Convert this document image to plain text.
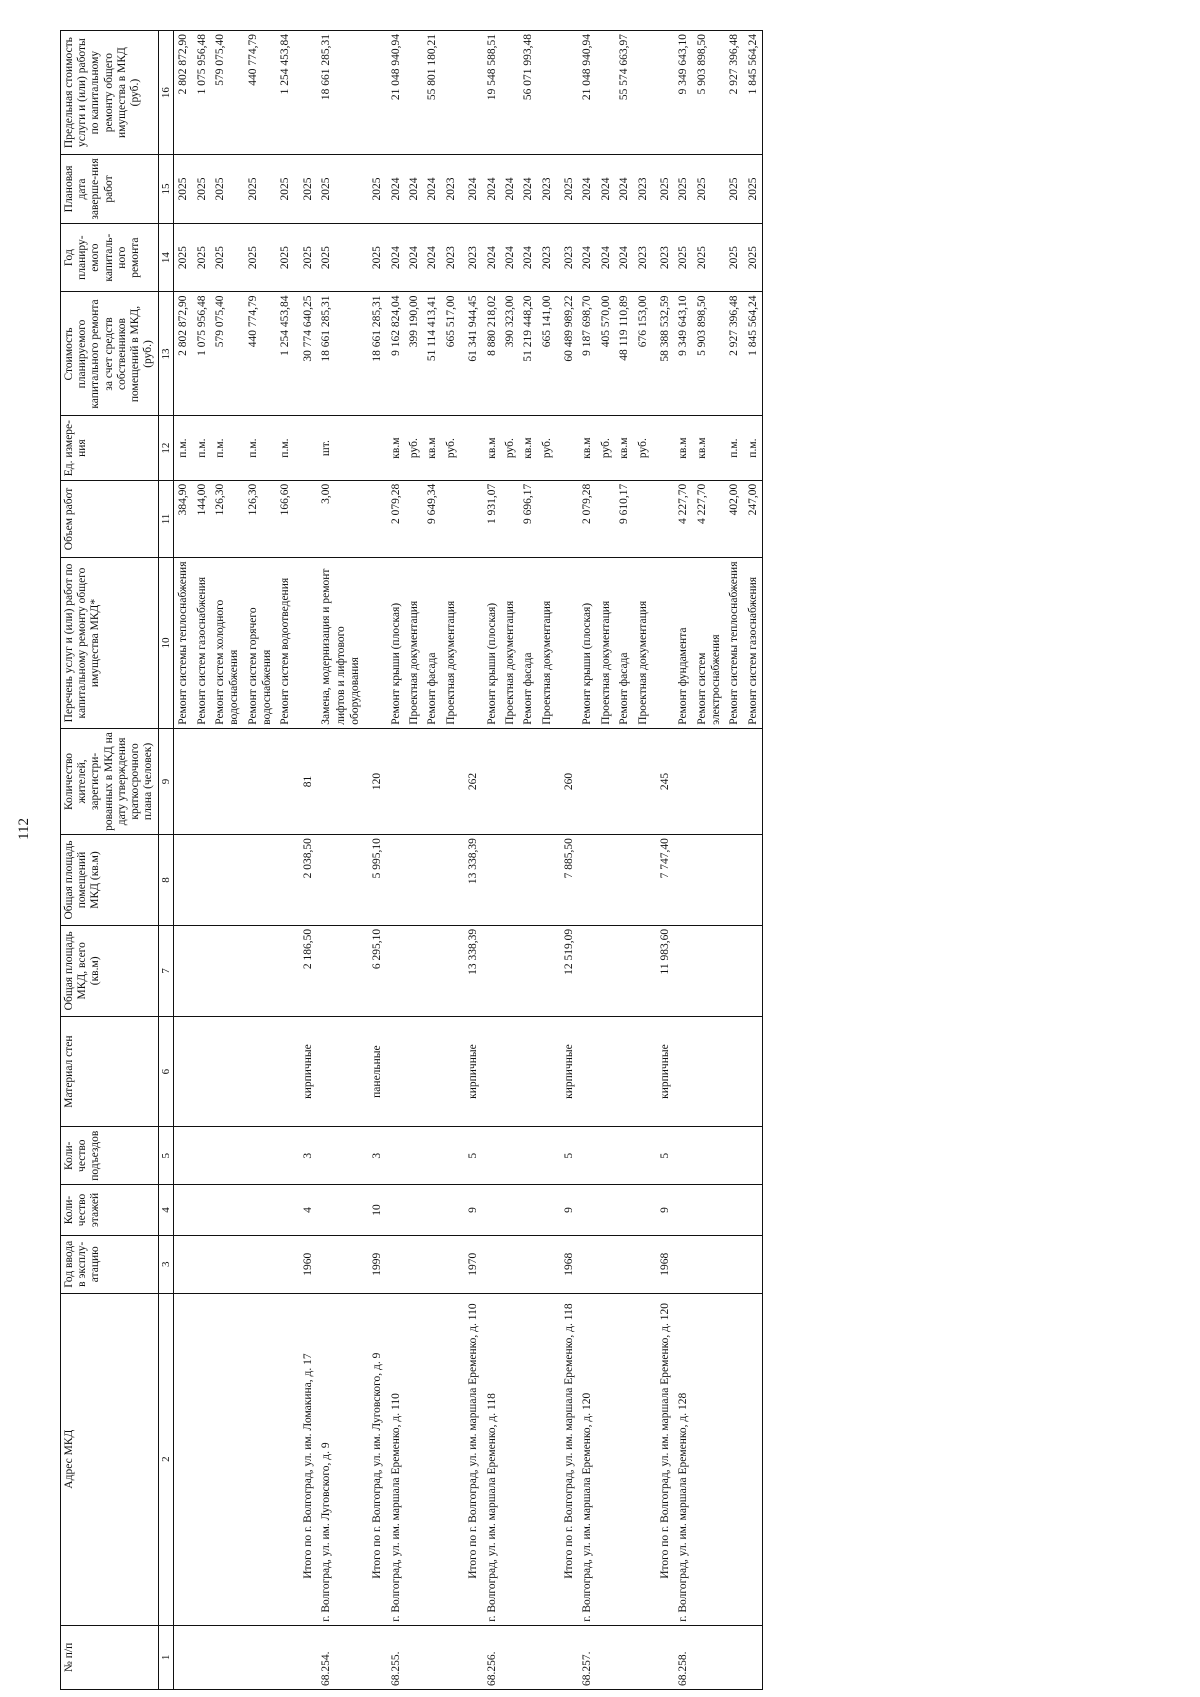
112
№ п/п	Адрес МКД	Год ввода в эксплу-атацию	Коли-чество этажей	Коли-чество подъездов	Материал стен	Общая площадь МКД, всего (кв.м)	Общая площадь помещений МКД (кв.м)	Количество жителей, зарегистри-рованных в МКД на дату утверждения краткосрочного плана (человек)	Перечень услуг и (или) работ по капитальному ремонту общего имущества МКД*	Объем работ	Ед. измере-ния	Стоимость планируемого капитального ремонта за счет средств собственников помещений в МКД, (руб.)	Год планиру-емого капиталь-ного ремонта	Плановая дата заверше-ния работ	Предельная стоимость услуги и (или) работы по капитальному ремонту общего имущества в МКД (руб.)
1	2	3	4	5	6	7	8	9	10	11	12	13	14	15	16
									Ремонт системы теплоснабжения	384,90	п.м.	2 802 872,90	2025	2025	2 802 872,90
									Ремонт систем газоснабжения	144,00	п.м.	1 075 956,48	2025	2025	1 075 956,48
									Ремонт систем холодного водоснабжения	126,30	п.м.	579 075,40	2025	2025	579 075,40
									Ремонт систем горячего водоснабжения	126,30	п.м.	440 774,79	2025	2025	440 774,79
									Ремонт систем водоотведения	166,60	п.м.	1 254 453,84	2025	2025	1 254 453,84
	Итого по г. Волгоград, ул. им. Ломакина, д. 17	1960	4	3	кирпичные	2 186,50	2 038,50	81				30 774 640,25	2025	2025	
68.254.	г. Волгоград, ул. им. Луговского, д. 9								Замена, модернизация и ремонт лифтов и лифтового оборудования	3,00	шт.	18 661 285,31	2025	2025	18 661 285,31
	Итого по г. Волгоград, ул. им. Луговского, д. 9	1999	10	3	панельные	6 295,10	5 995,10	120				18 661 285,31	2025	2025	
68.255.	г. Волгоград, ул. им. маршала Еременко, д. 110								Ремонт крыши (плоская)	2 079,28	кв.м	9 162 824,04	2024	2024	21 048 940,94
									Проектная документация		руб.	399 190,00	2024	2024	
									Ремонт фасада	9 649,34	кв.м	51 114 413,41	2024	2024	55 801 180,21
									Проектная документация		руб.	665 517,00	2023	2023	
	Итого по г. Волгоград, ул. им. маршала Еременко, д. 110	1970	9	5	кирпичные	13 338,39	13 338,39	262				61 341 944,45	2023	2024	
68.256.	г. Волгоград, ул. им. маршала Еременко, д. 118								Ремонт крыши (плоская)	1 931,07	кв.м	8 880 218,02	2024	2024	19 548 588,51
									Проектная документация		руб.	390 323,00	2024	2024	
									Ремонт фасада	9 696,17	кв.м	51 219 448,20	2024	2024	56 071 993,48
									Проектная документация		руб.	665 141,00	2023	2023	
	Итого по г. Волгоград, ул. им. маршала Еременко, д. 118	1968	9	5	кирпичные	12 519,09	7 885,50	260				60 489 989,22	2023	2025	
68.257.	г. Волгоград, ул. им. маршала Еременко, д. 120								Ремонт крыши (плоская)	2 079,28	кв.м	9 187 698,70	2024	2024	21 048 940,94
									Проектная документация		руб.	405 570,00	2024	2024	
									Ремонт фасада	9 610,17	кв.м	48 119 110,89	2024	2024	55 574 663,97
									Проектная документация		руб.	676 153,00	2023	2023	
	Итого по г. Волгоград, ул. им. маршала Еременко, д. 120	1968	9	5	кирпичные	11 983,60	7 747,40	245				58 388 532,59	2023	2025	
68.258.	г. Волгоград, ул. им. маршала Еременко, д. 128								Ремонт фундамента	4 227,70	кв.м	9 349 643,10	2025	2025	9 349 643,10
									Ремонт систем электроснабжения	4 227,70	кв.м	5 903 898,50	2025	2025	5 903 898,50
									Ремонт системы теплоснабжения	402,00	п.м.	2 927 396,48	2025	2025	2 927 396,48
									Ремонт систем газоснабжения	247,00	п.м.	1 845 564,24	2025	2025	1 845 564,24
